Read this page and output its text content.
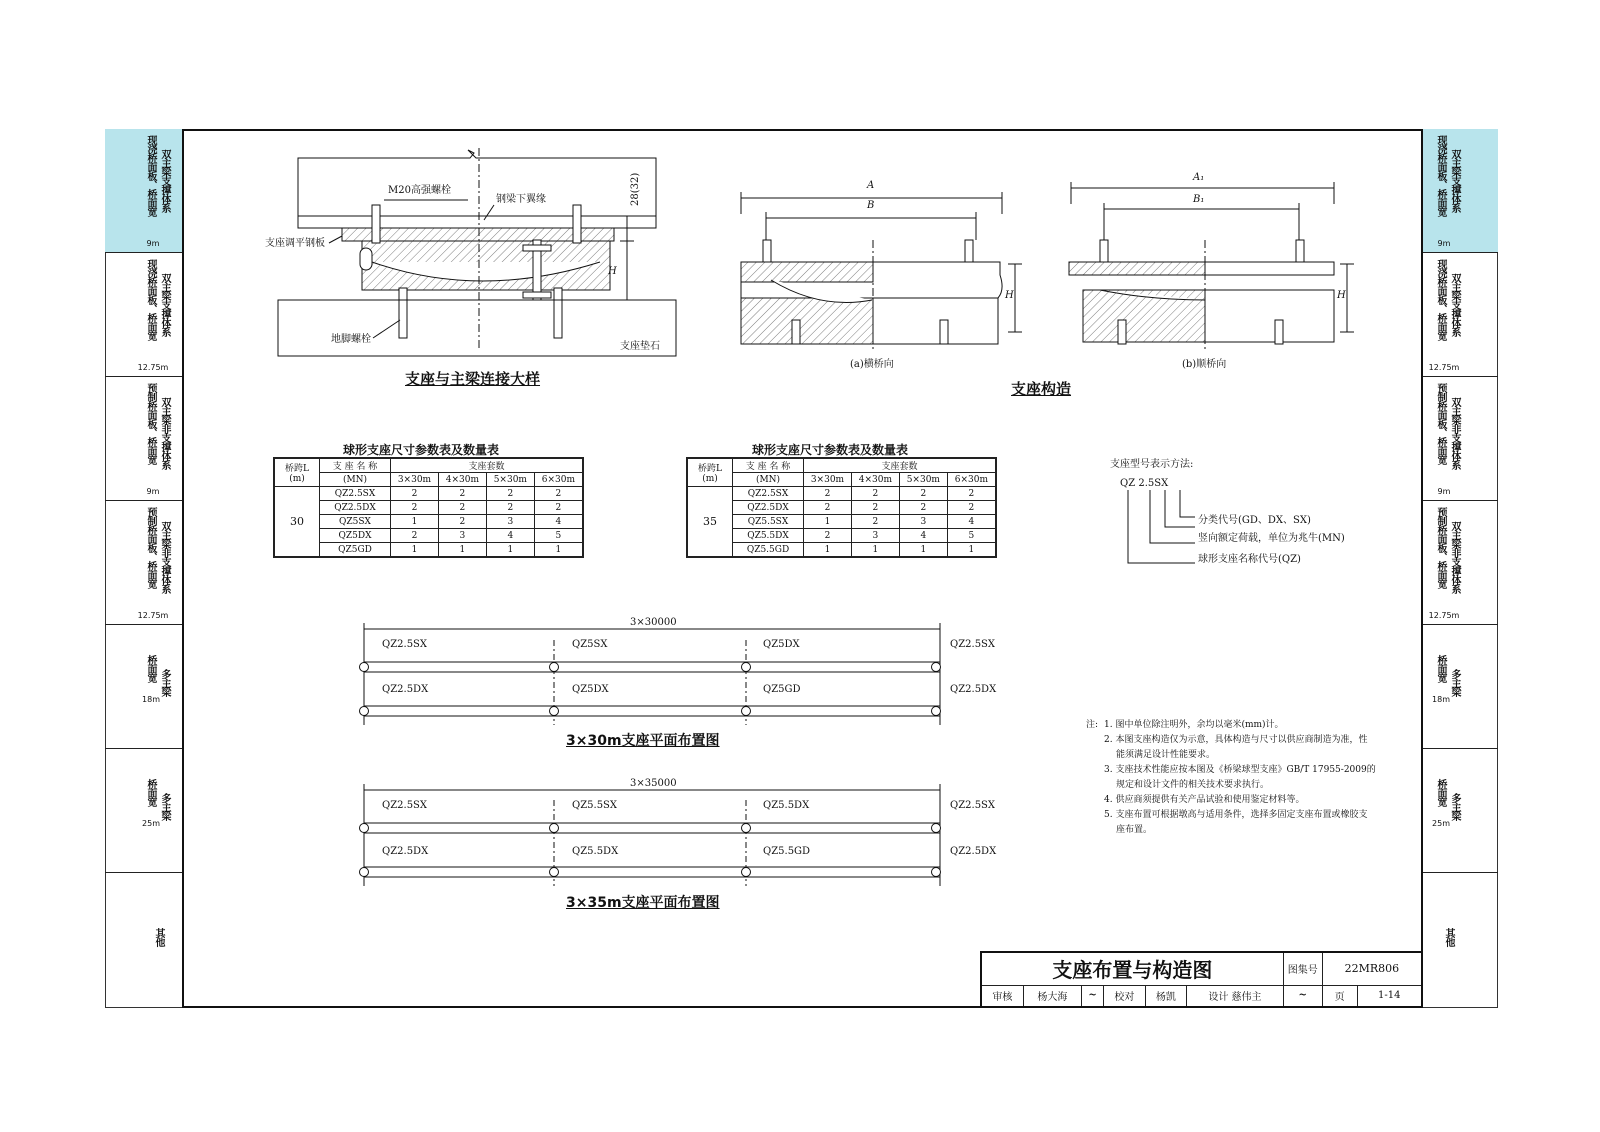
现浇桥面板、桥面宽 双主梁支撑体系
9m
现浇桥面板、桥面宽 双主梁支撑体系
12.75m
预制桥面板、桥面宽 双主梁非支撑体系
9m
预制桥面板、桥面宽 双主梁非支撑体系
12.75m
桥面宽
多主梁
18m
桥面宽
多主梁
25m
其他
现浇桥面板、桥面宽 双主梁支撑体系
9m
现浇桥面板、桥面宽 双主梁支撑体系
12.75m
预制桥面板、桥面宽 双主梁非支撑体系
9m
预制桥面板、桥面宽 双主梁非支撑体系
12.75m
桥面宽
多主梁
18m
桥面宽
多主梁
25m
其他
M20高强螺栓
钢梁下翼缘
支座调平钢板
地脚螺栓
支座垫石
H
28(32)
支座与主梁连接大样
A
B
H
(a)横桥向
A₁
B₁
H
(b)顺桥向
支座构造
球形支座尺寸参数表及数量表
桥跨L
(m)	支 座 名 称	支座套数			
	(MN)	3×30m	4×30m	5×30m	6×30m
30	QZ2.5SX	2	2	2	2
	QZ2.5DX	2	2	2	2
	QZ5SX	1	2	3	4
	QZ5DX	2	3	4	5
	QZ5GD	1	1	1	1
球形支座尺寸参数表及数量表
桥跨L
(m)	支 座 名 称	支座套数			
	(MN)	3×30m	4×30m	5×30m	6×30m
35	QZ2.5SX	2	2	2	2
	QZ2.5DX	2	2	2	2
	QZ5.5SX	1	2	3	4
	QZ5.5DX	2	3	4	5
	QZ5.5GD	1	1	1	1
支座型号表示方法:
QZ 2.5SX
分类代号(GD、DX、SX)
竖向额定荷载，单位为兆牛(MN)
球形支座名称代号(QZ)
3×30000
QZ2.5SX	QZ5SX	QZ5DX	QZ2.5SX
QZ2.5DX	QZ5DX	QZ5GD	QZ2.5DX
3×30m支座平面布置图
3×35000
QZ2.5SX	QZ5.5SX	QZ5.5DX	QZ2.5SX
QZ2.5DX	QZ5.5DX	QZ5.5GD	QZ2.5DX
3×35m支座平面布置图
注: 1. 图中单位除注明外，余均以毫米(mm)计。
2. 本图支座构造仅为示意，具体构造与尺寸以供应商制造为准，性
能须满足设计性能要求。
3. 支座技术性能应按本图及《桥梁球型支座》GB/T 17955-2009的
规定和设计文件的相关技术要求执行。
4. 供应商须提供有关产品试验和使用鉴定材料等。
5. 支座布置可根据墩高与适用条件，选择多固定支座布置或橡胶支
座布置。
支座布置与构造图						图集号	22MR806	
审核	杨大海	~	校对	杨凯	设计 慈伟主	~	页	1-14
